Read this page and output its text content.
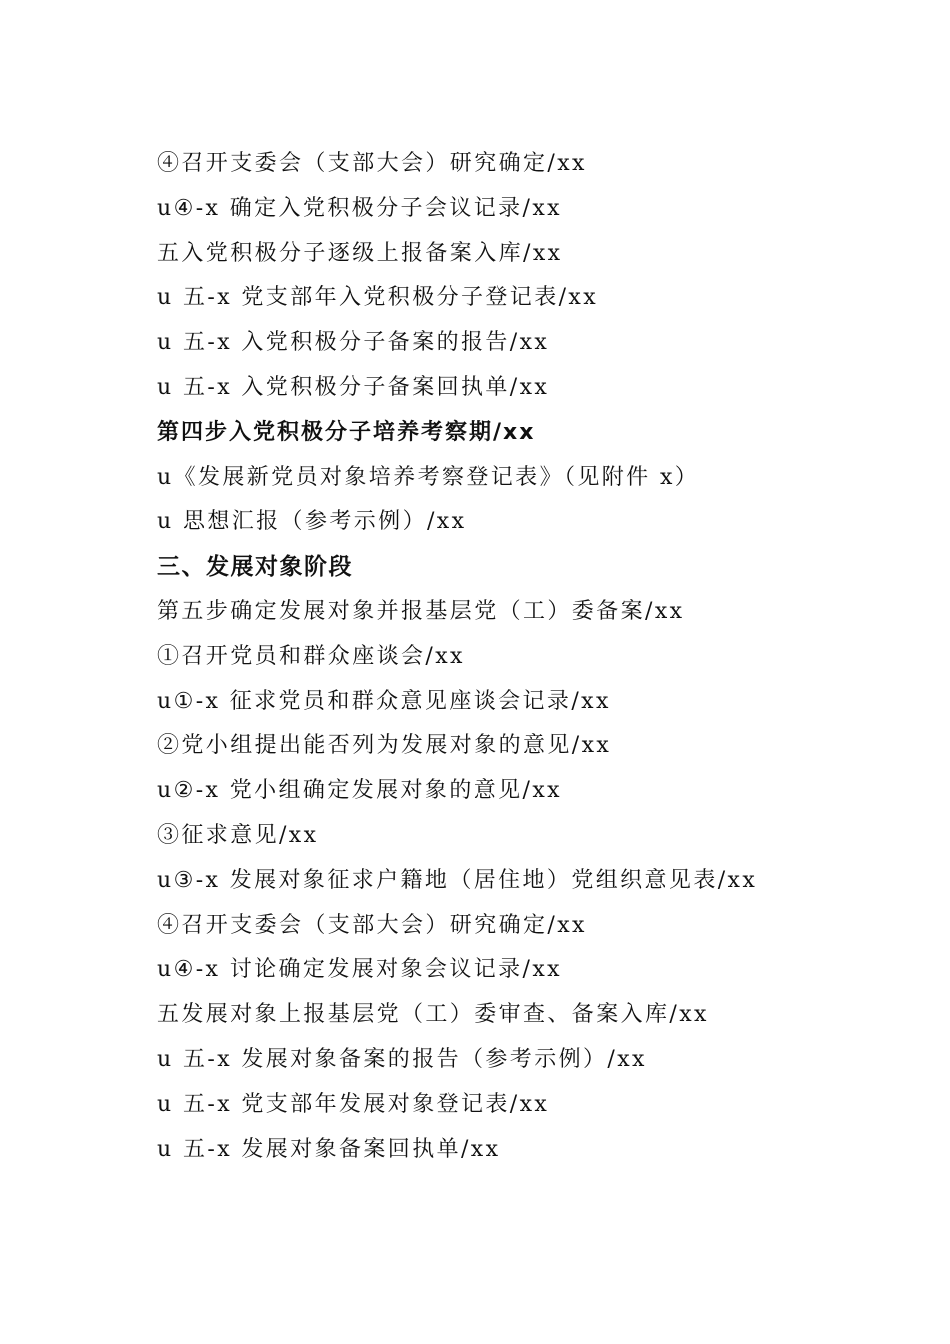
④召开支委会（支部大会）研究确定/xx
u④-x 确定入党积极分子会议记录/xx
五入党积极分子逐级上报备案入库/xx
u 五-x 党支部年入党积极分子登记表/xx
u 五-x 入党积极分子备案的报告/xx
u 五-x 入党积极分子备案回执单/xx
第四步入党积极分子培养考察期/xx
u《发展新党员对象培养考察登记表》（见附件 x）
u 思想汇报（参考示例）/xx
三、发展对象阶段
第五步确定发展对象并报基层党（工）委备案/xx
①召开党员和群众座谈会/xx
u①-x 征求党员和群众意见座谈会记录/xx
②党小组提出能否列为发展对象的意见/xx
u②-x 党小组确定发展对象的意见/xx
③征求意见/xx
u③-x 发展对象征求户籍地（居住地）党组织意见表/xx
④召开支委会（支部大会）研究确定/xx
u④-x 讨论确定发展对象会议记录/xx
五发展对象上报基层党（工）委审查、备案入库/xx
u 五-x 发展对象备案的报告（参考示例）/xx
u 五-x 党支部年发展对象登记表/xx
u 五-x 发展对象备案回执单/xx
